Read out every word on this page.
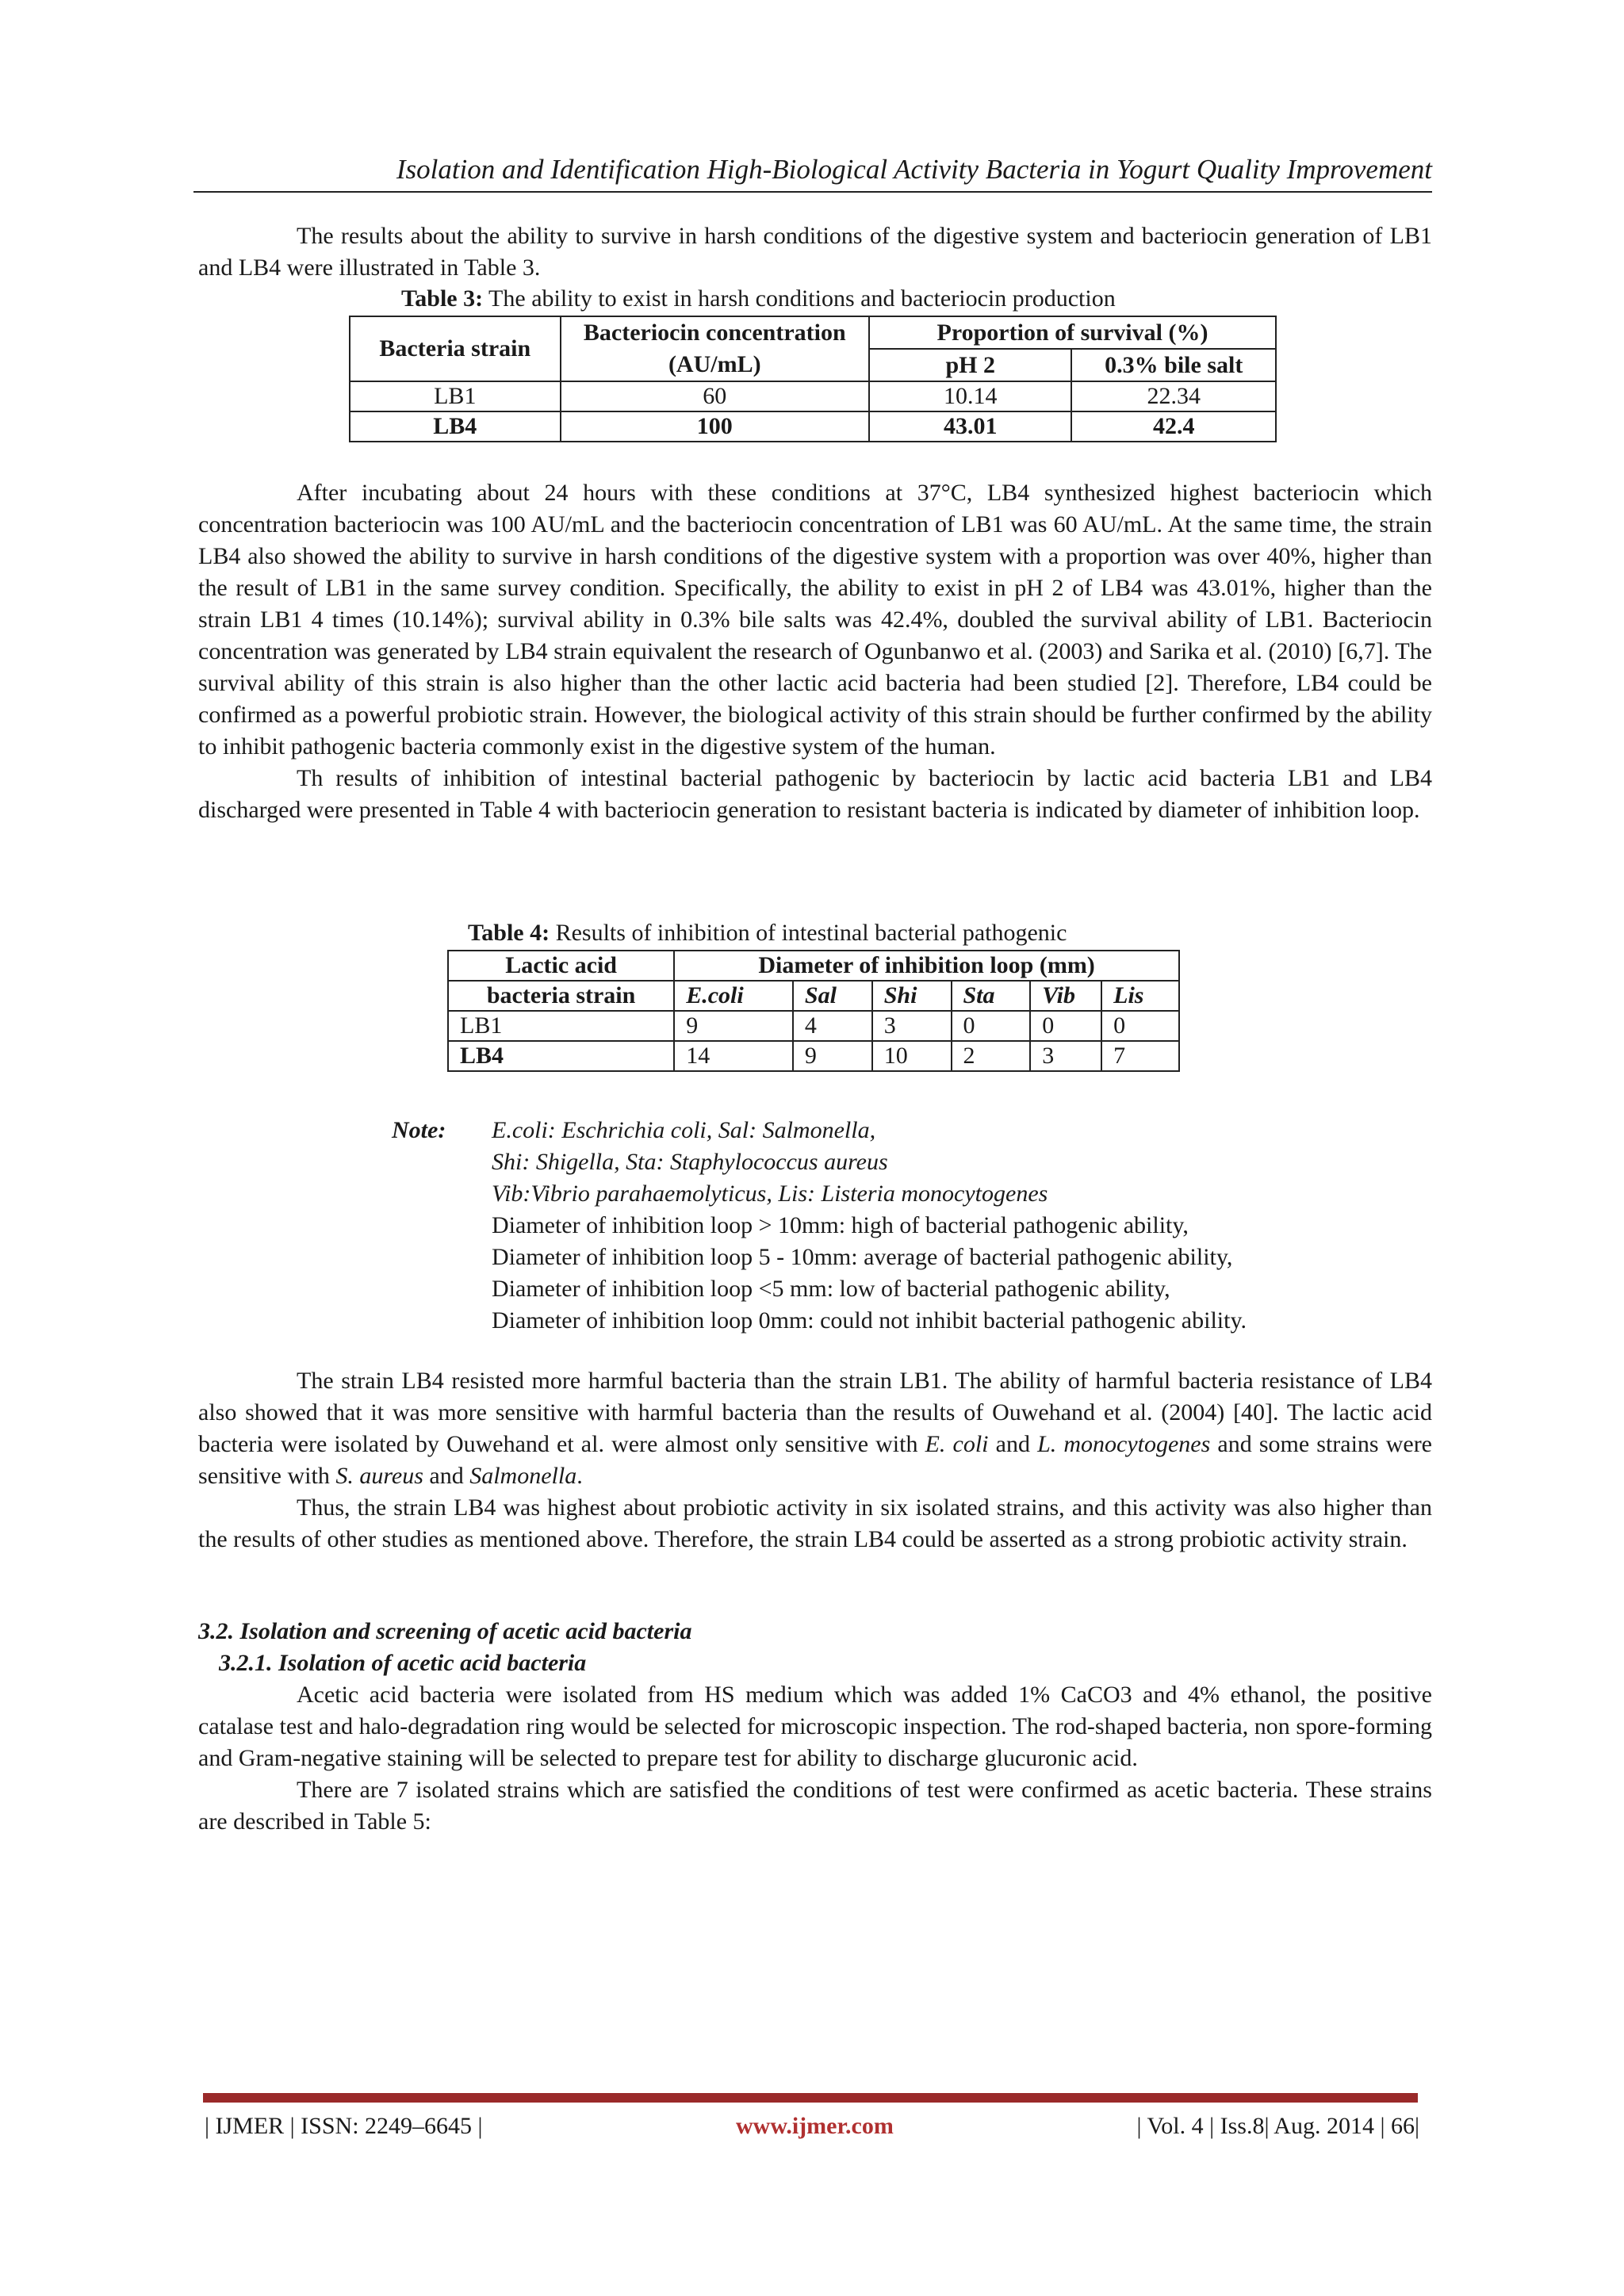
Isolation and Identification High-Biological Activity Bacteria in Yogurt Quality Improvement

The results about the ability to survive in harsh conditions of the digestive system and bacteriocin generation of LB1 and LB4 were illustrated in Table 3.

Table 3: The ability to exist in harsh conditions and bacteriocin production
Bacteria strain	Bacteriocin concentration (AU/mL)	Proportion of survival (%)	
		pH 2	0.3% bile salt
LB1	60	10.14	22.34
LB4	100	43.01	42.4

After incubating about 24 hours with these conditions at 37°C, LB4 synthesized highest bacteriocin which concentration bacteriocin was 100 AU/mL and the bacteriocin concentration of LB1 was 60 AU/mL. At the same time, the strain LB4 also showed the ability to survive in harsh conditions of the digestive system with a proportion was over 40%, higher than the result of LB1 in the same survey condition. Specifically, the ability to exist in pH 2 of LB4 was 43.01%, higher than the strain LB1 4 times (10.14%); survival ability in 0.3% bile salts was 42.4%, doubled the survival ability of LB1. Bacteriocin concentration was generated by LB4 strain equivalent the research of Ogunbanwo et al. (2003) and Sarika et al. (2010) [6,7]. The survival ability of this strain is also higher than the other lactic acid bacteria had been studied [2]. Therefore, LB4 could be confirmed as a powerful probiotic strain. However, the biological activity of this strain should be further confirmed by the ability to inhibit pathogenic bacteria commonly exist in the digestive system of the human.

Th results of inhibition of intestinal bacterial pathogenic by bacteriocin by lactic acid bacteria LB1 and LB4 discharged were presented in Table 4 with bacteriocin generation to resistant bacteria is indicated by diameter of inhibition loop.

Table 4: Results of inhibition of intestinal bacterial pathogenic
Lactic acid	Diameter of inhibition loop (mm)					
bacteria strain	E.coli	Sal	Shi	Sta	Vib	Lis
LB1	9	4	3	0	0	0
LB4	14	9	10	2	3	7
Note: E.coli: Eschrichia coli, Sal: Salmonella,
Shi: Shigella, Sta: Staphylococcus aureus
Vib:Vibrio parahaemolyticus, Lis: Listeria monocytogenes
Diameter of inhibition loop > 10mm: high of bacterial pathogenic ability,
Diameter of inhibition loop 5 - 10mm: average of bacterial pathogenic ability,
Diameter of inhibition loop <5 mm: low of bacterial pathogenic ability,
Diameter of inhibition loop 0mm: could not inhibit bacterial pathogenic ability.

The strain LB4 resisted more harmful bacteria than the strain LB1. The ability of harmful bacteria resistance of LB4 also showed that it was more sensitive with harmful bacteria than the results of Ouwehand et al. (2004) [40]. The lactic acid bacteria were isolated by Ouwehand et al. were almost only sensitive with E. coli and L. monocytogenes and some strains were sensitive with S. aureus and Salmonella.

Thus, the strain LB4 was highest about probiotic activity in six isolated strains, and this activity was also higher than the results of other studies as mentioned above. Therefore, the strain LB4 could be asserted as a strong probiotic activity strain.

3.2. Isolation and screening of acetic acid bacteria
3.2.1. Isolation of acetic acid bacteria

Acetic acid bacteria were isolated from HS medium which was added 1% CaCO3 and 4% ethanol, the positive catalase test and halo-degradation ring would be selected for microscopic inspection. The rod-shaped bacteria, non spore-forming and Gram-negative staining will be selected to prepare test for ability to discharge glucuronic acid.

There are 7 isolated strains which are satisfied the conditions of test were confirmed as acetic bacteria. These strains are described in Table 5:

| IJMER | ISSN: 2249–6645 |	www.ijmer.com	| Vol. 4 | Iss.8| Aug. 2014 | 66|
